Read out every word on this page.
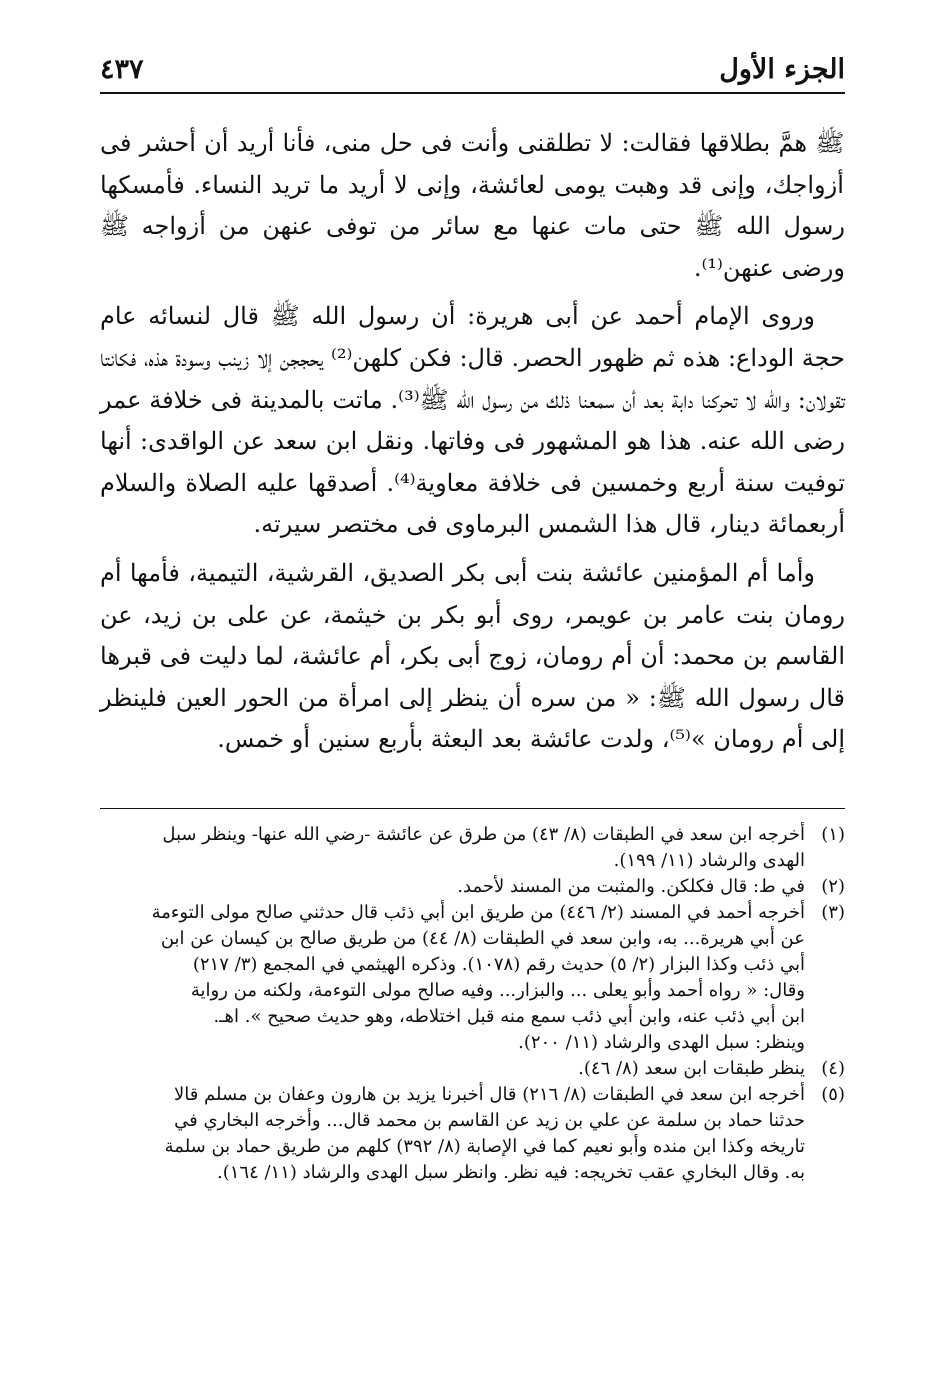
الجزء الأول
٤٣٧

ﷺ همَّ بطلاقها فقالت: لا تطلقنى وأنت فى حل منى، فأنا أريد أن أحشر فى أزواجك، وإنى قد وهبت يومى لعائشة، وإنى لا أريد ما تريد النساء. فأمسكها رسول الله ﷺ حتى مات عنها مع سائر من توفى عنهن من أزواجه ﷺ ورضى عنهن⁽¹⁾.

وروى الإمام أحمد عن أبى هريرة: أن رسول الله ﷺ قال لنسائه عام حجة الوداع: هذه ثم ظهور الحصر. قال: فكن كلهن⁽²⁾ يحججن إلا زينب وسودة هذه، فكانتا تقولان: والله لا تحركنا دابة بعد أن سمعنا ذلك من رسول الله ﷺ⁽³⁾. ماتت بالمدينة فى خلافة عمر رضى الله عنه. هذا هو المشهور فى وفاتها. ونقل ابن سعد عن الواقدى: أنها توفيت سنة أربع وخمسين فى خلافة معاوية⁽⁴⁾. أصدقها عليه الصلاة والسلام أربعمائة دينار، قال هذا الشمس البرماوى فى مختصر سيرته.

وأما أم المؤمنين عائشة بنت أبى بكر الصديق، القرشية، التيمية، فأمها أم رومان بنت عامر بن عويمر، روى أبو بكر بن خيثمة، عن على بن زيد، عن القاسم بن محمد: أن أم رومان، زوج أبى بكر، أم عائشة، لما دليت فى قبرها قال رسول الله ﷺ: « من سره أن ينظر إلى امرأة من الحور العين فلينظر إلى أم رومان »⁽⁵⁾، ولدت عائشة بعد البعثة بأربع سنين أو خمس.

(١)
أخرجه ابن سعد في الطبقات (٨/ ٤٣) من طرق عن عائشة -رضي الله عنها- وينظر سبل
الهدى والرشاد (١١/ ١٩٩).
(٢)
في ط: قال فكلكن. والمثبت من المسند لأحمد.
(٣)
أخرجه أحمد في المسند (٢/ ٤٤٦) من طريق ابن أبي ذئب قال حدثني صالح مولى التوءمة
عن أبي هريرة... به، وابن سعد في الطبقات (٨/ ٤٤) من طريق صالح بن كيسان عن ابن
أبي ذئب وكذا البزار (٢/ ٥) حديث رقم (١٠٧٨). وذكره الهيثمي في المجمع (٣/ ٢١٧)
وقال: « رواه أحمد وأبو يعلى ... والبزار... وفيه صالح مولى التوءمة، ولكنه من رواية
ابن أبي ذئب عنه، وابن أبي ذئب سمع منه قبل اختلاطه، وهو حديث صحيح ». اهـ.
وينظر: سبل الهدى والرشاد (١١/ ٢٠٠).
(٤)
ينظر طبقات ابن سعد (٨/ ٤٦).
(٥)
أخرجه ابن سعد في الطبقات (٨/ ٢١٦) قال أخبرنا يزيد بن هارون وعفان بن مسلم قالا
حدثنا حماد بن سلمة عن علي بن زيد عن القاسم بن محمد قال... وأخرجه البخاري في
تاريخه وكذا ابن منده وأبو نعيم كما في الإصابة (٨/ ٣٩٢) كلهم من طريق حماد بن سلمة
به. وقال البخاري عقب تخريجه: فيه نظر. وانظر سبل الهدى والرشاد (١١/ ١٦٤).
